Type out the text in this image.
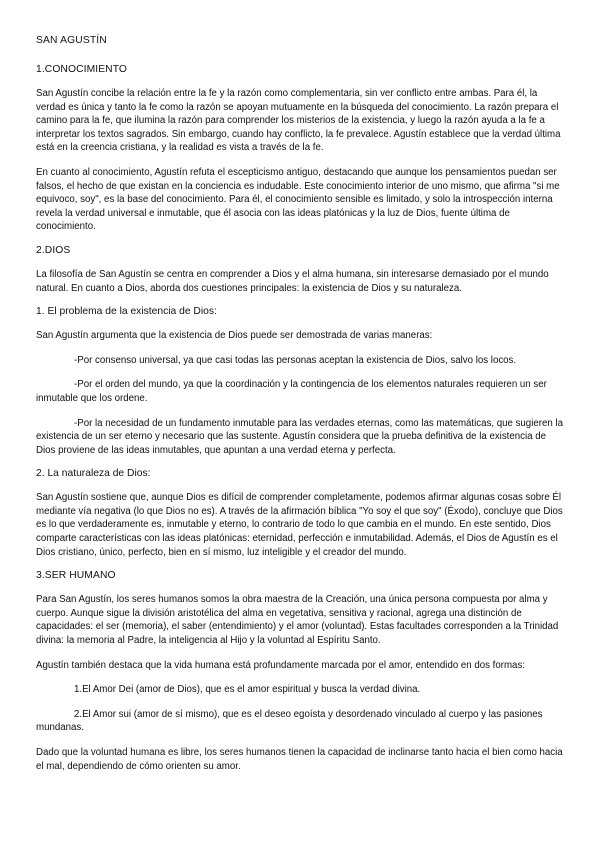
SAN AGUSTÍN
1.CONOCIMIENTO

San Agustín concibe la relación entre la fe y la razón como complementaria, sin ver conflicto entre ambas. Para él, la verdad es única y tanto la fe como la razón se apoyan mutuamente en la búsqueda del conocimiento. La razón prepara el camino para la fe, que ilumina la razón para comprender los misterios de la existencia, y luego la razón ayuda a la fe a interpretar los textos sagrados. Sin embargo, cuando hay conflicto, la fe prevalece. Agustín establece que la verdad última está en la creencia cristiana, y la realidad es vista a través de la fe.

En cuanto al conocimiento, Agustín refuta el escepticismo antiguo, destacando que aunque los pensamientos puedan ser falsos, el hecho de que existan en la conciencia es indudable. Este conocimiento interior de uno mismo, que afirma "si me equivoco, soy", es la base del conocimiento. Para él, el conocimiento sensible es limitado, y solo la introspección interna revela la verdad universal e inmutable, que él asocia con las ideas platónicas y la luz de Dios, fuente última de conocimiento.

2.DIOS

La filosofía de San Agustín se centra en comprender a Dios y el alma humana, sin interesarse demasiado por el mundo natural. En cuanto a Dios, aborda dos cuestiones principales: la existencia de Dios y su naturaleza.

1. El problema de la existencia de Dios:

San Agustín argumenta que la existencia de Dios puede ser demostrada de varias maneras:

-Por consenso universal, ya que casi todas las personas aceptan la existencia de Dios, salvo los locos.

-Por el orden del mundo, ya que la coordinación y la contingencia de los elementos naturales requieren un ser inmutable que los ordene.

-Por la necesidad de un fundamento inmutable para las verdades eternas, como las matemáticas, que sugieren la existencia de un ser eterno y necesario que las sustente. Agustín considera que la prueba definitiva de la existencia de Dios proviene de las ideas inmutables, que apuntan a una verdad eterna y perfecta.

2. La naturaleza de Dios:

San Agustín sostiene que, aunque Dios es difícil de comprender completamente, podemos afirmar algunas cosas sobre Él mediante vía negativa (lo que Dios no es). A través de la afirmación bíblica "Yo soy el que soy" (Éxodo), concluye que Dios es lo que verdaderamente es, inmutable y eterno, lo contrario de todo lo que cambia en el mundo. En este sentido, Dios comparte características con las ideas platónicas: eternidad, perfección e inmutabilidad. Además, el Dios de Agustín es el Dios cristiano, único, perfecto, bien en sí mismo, luz inteligible y el creador del mundo.

3.SER HUMANO

Para San Agustín, los seres humanos somos la obra maestra de la Creación, una única persona compuesta por alma y cuerpo. Aunque sigue la división aristotélica del alma en vegetativa, sensitiva y racional, agrega una distinción de capacidades: el ser (memoria), el saber (entendimiento) y el amor (voluntad). Estas facultades corresponden a la Trinidad divina: la memoria al Padre, la inteligencia al Hijo y la voluntad al Espíritu Santo.

Agustín también destaca que la vida humana está profundamente marcada por el amor, entendido en dos formas:

1.El Amor Dei (amor de Dios), que es el amor espiritual y busca la verdad divina.

2.El Amor sui (amor de sí mismo), que es el deseo egoísta y desordenado vinculado al cuerpo y las pasiones mundanas.

Dado que la voluntad humana es libre, los seres humanos tienen la capacidad de inclinarse tanto hacia el bien como hacia el mal, dependiendo de cómo orienten su amor.
